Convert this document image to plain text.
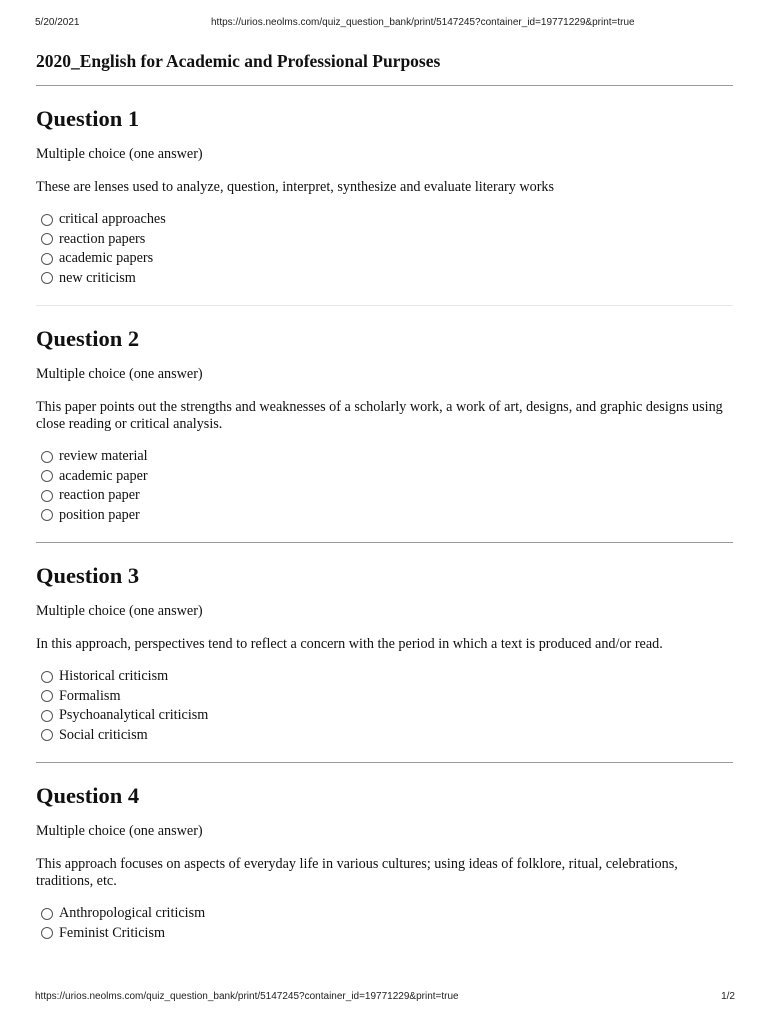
5/20/2021	https://urios.neolms.com/quiz_question_bank/print/5147245?container_id=19771229&print=true
2020_English for Academic and Professional Purposes
Question 1
Multiple choice (one answer)
These are lenses used to analyze, question, interpret, synthesize and evaluate literary works
critical approaches
reaction papers
academic papers
new criticism
Question 2
Multiple choice (one answer)
This paper points out the strengths and weaknesses of a scholarly work, a work of art, designs, and graphic designs using close reading or critical analysis.
review material
academic paper
reaction paper
position paper
Question 3
Multiple choice (one answer)
In this approach, perspectives tend to reflect a concern with the period in which a text is produced and/or read.
Historical criticism
Formalism
Psychoanalytical criticism
Social criticism
Question 4
Multiple choice (one answer)
This approach focuses on aspects of everyday life in various cultures; using ideas of folklore, ritual, celebrations, traditions, etc.
Anthropological criticism
Feminist Criticism
https://urios.neolms.com/quiz_question_bank/print/5147245?container_id=19771229&print=true	1/2
